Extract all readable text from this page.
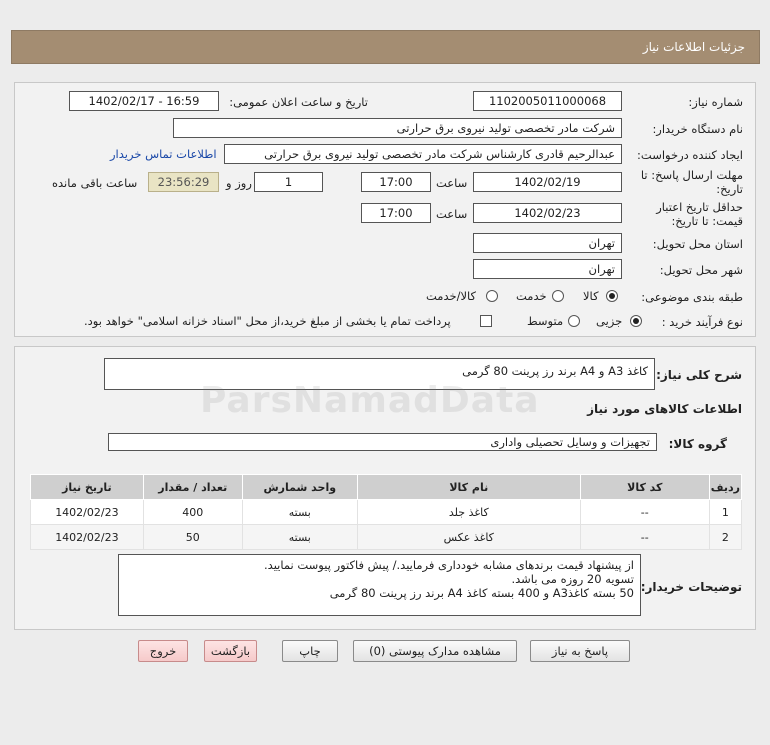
جزئیات اطلاعات نیاز
شماره نیاز:
1102005011000068
تاریخ و ساعت اعلان عمومی:
1402/02/17 - 16:59
نام دستگاه خریدار:
شرکت مادر تخصصی تولید نیروی برق حرارتی
ایجاد کننده درخواست:
عبدالرحیم قادری کارشناس شرکت مادر تخصصی تولید نیروی برق حرارتی
اطلاعات تماس خریدار
مهلت ارسال پاسخ: تا
تاریخ:
1402/02/19
ساعت
17:00
1
روز و
23:56:29
ساعت باقی مانده
حداقل تاریخ اعتبار
قیمت: تا تاریخ:
1402/02/23
ساعت
17:00
استان محل تحویل:
تهران
شهر محل تحویل:
تهران
طبقه بندی موضوعی:
کالا
خدمت
کالا/خدمت
نوع فرآیند خرید :
جزیی
متوسط
پرداخت تمام یا بخشی از مبلغ خرید،از محل "اسناد خزانه اسلامی" خواهد بود.
شرح کلی نیاز:
کاغذ A3 و A4 برند رز پرینت 80 گرمی
اطلاعات کالاهای مورد نیاز
گروه کالا:
تجهیزات و وسایل تحصیلی واداری
ردیف	کد کالا	نام کالا	واحد شمارش	تعداد / مقدار	تاریخ نیاز
1	--	کاغذ جلد	بسته	400	1402/02/23
2	--	کاغذ عکس	بسته	50	1402/02/23
توضیحات خریدار:
از پیشنهاد قیمت برندهای مشابه خودداری فرمایید./ پیش فاکتور پیوست نمایید.
تسویه 20 روزه می باشد.
50 بسته کاغذA3 و 400 بسته کاغذ A4 برند رز پرینت 80 گرمی
پاسخ به نیاز
مشاهده مدارک پیوستی (0)
چاپ
بازگشت
خروج
